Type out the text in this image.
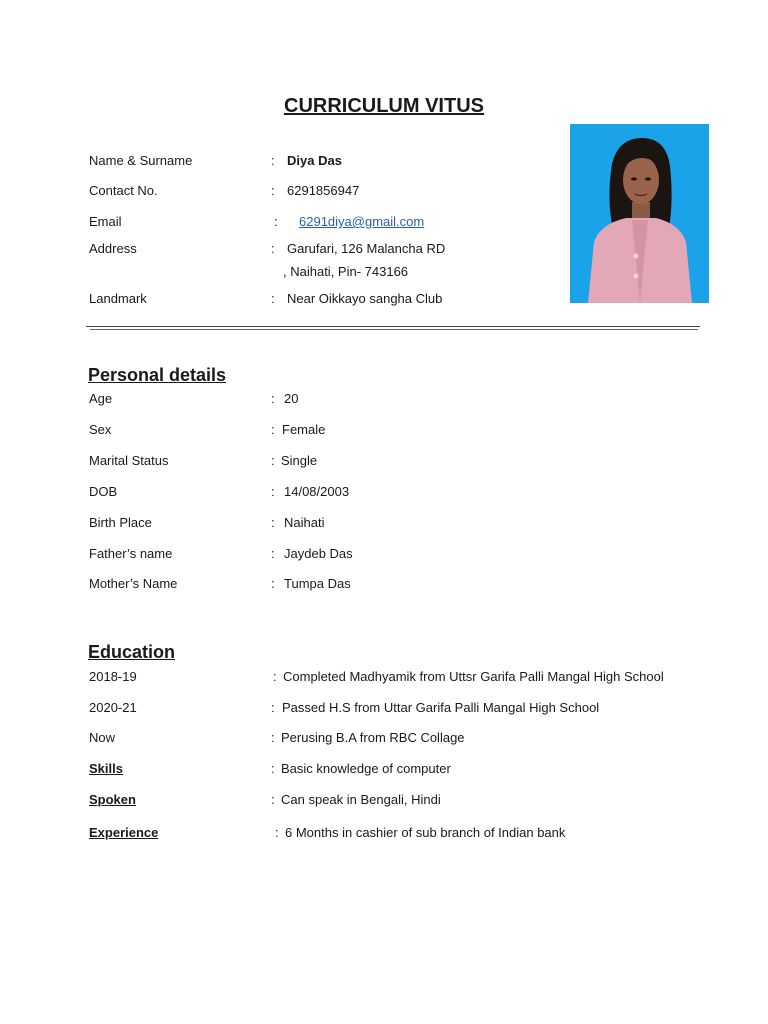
CURRICULUM VITUS
Name & Surname	: Diya Das
Contact No.	: 6291856947
Email	: 6291diya@gmail.com
Address	: Garufari, 126 Malancha RD
, Naihati, Pin- 743166
Landmark	: Near Oikkayo sangha Club
Personal details
Age	: 20
Sex	: Female
Marital Status	: Single
DOB	: 14/08/2003
Birth Place	: Naihati
Father’s name	: Jaydeb Das
Mother’s Name	: Tumpa Das
Education
2018-19	: Completed Madhyamik from Uttsr Garifa Palli Mangal High School
2020-21	: Passed H.S from Uttar Garifa Palli Mangal High School
Now	: Perusing B.A from RBC Collage
Skills	: Basic knowledge of computer
Spoken	: Can speak in Bengali, Hindi
Experience	: 6 Months in cashier of sub branch of Indian bank
